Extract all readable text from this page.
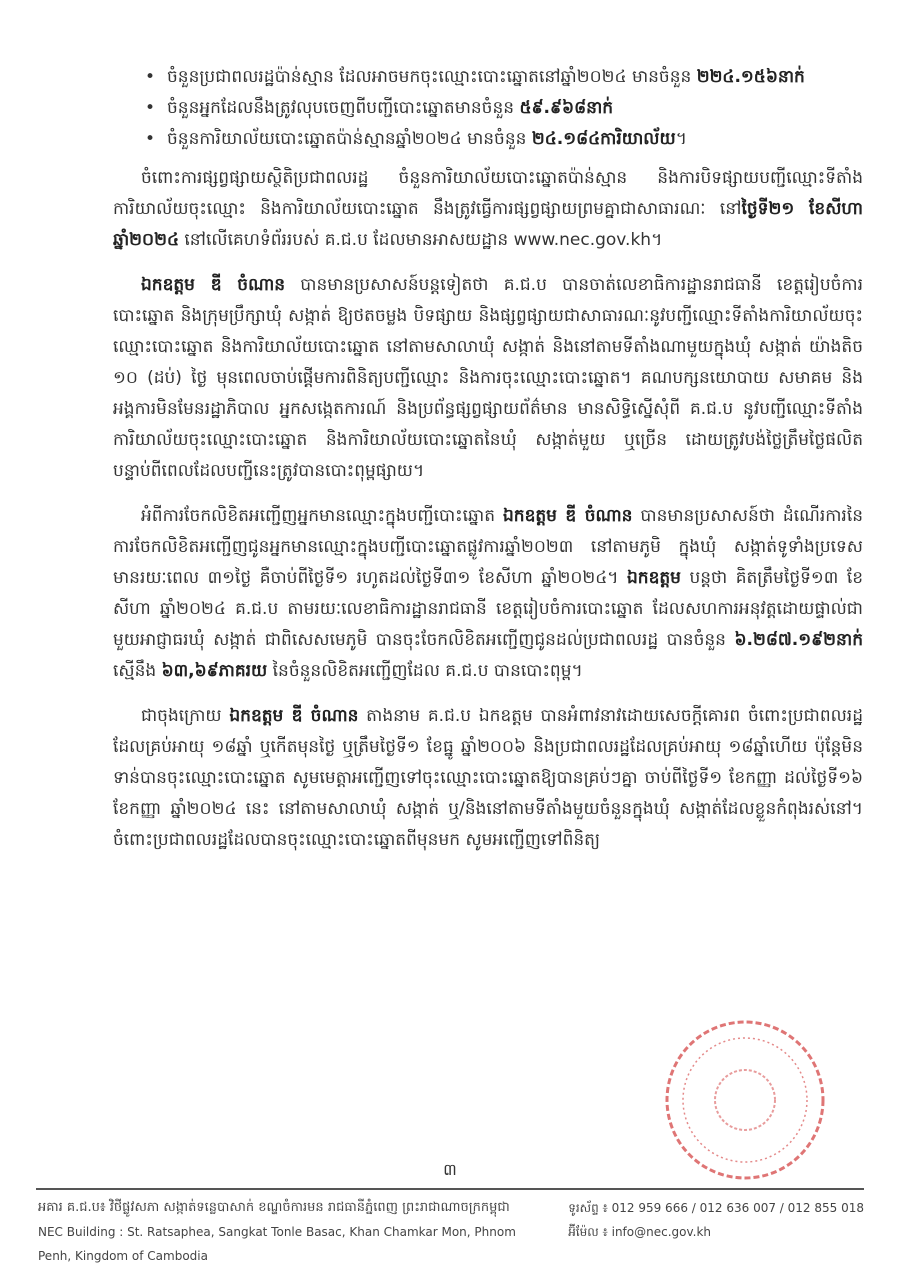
• ចំនួនប្រជាពលរដ្ឋប៉ាន់ស្មាន ដែលអាចមកចុះឈ្មោះបោះឆ្នោតនៅឆ្នាំ២០២៤ មានចំនួន ២២៤.១៥៦នាក់
• ចំនួនអ្នកដែលនឹងត្រូវលុបចេញពីបញ្ជីបោះឆ្នោតមានចំនួន ៥៩.៩៦៨នាក់
• ចំនួនការិយាល័យបោះឆ្នោតប៉ាន់ស្មានឆ្នាំ២០២៤ មានចំនួន ២៤.១៨៤ការិយាល័យ។

ចំពោះការផ្សព្វផ្សាយស្ថិតិប្រជាពលរដ្ឋ ចំនួនការិយាល័យបោះឆ្នោតប៉ាន់ស្មាន និងការបិទផ្សាយបញ្ជីឈ្មោះទីតាំងការិយាល័យចុះឈ្មោះ និងការិយាល័យបោះឆ្នោត នឹងត្រូវធ្វើការផ្សព្វផ្សាយព្រមគ្នាជាសាធារណៈ នៅថ្ងៃទី២១ ខែសីហា ឆ្នាំ២០២៤ នៅលើគេហទំព័ររបស់ គ.ជ.ប ដែលមានអាសយដ្ឋាន www.nec.gov.kh។

ឯកឧត្តម ឌី ចំណាន បានមានប្រសាសន៍បន្តទៀតថា គ.ជ.ប បានចាត់លេខាធិការដ្ឋានរាជធានី ខេត្តរៀបចំការបោះឆ្នោត និងក្រុមប្រឹក្សាឃុំ សង្កាត់ ឱ្យថតចម្លង បិទផ្សាយ និងផ្សព្វផ្សាយជាសាធារណៈនូវបញ្ជីឈ្មោះទីតាំងការិយាល័យចុះឈ្មោះបោះឆ្នោត និងការិយាល័យបោះឆ្នោត នៅតាមសាលាឃុំ សង្កាត់ និងនៅតាមទីតាំងណាមួយក្នុងឃុំ សង្កាត់ យ៉ាងតិច ១០ (ដប់) ថ្ងៃ មុនពេលចាប់ផ្តើមការពិនិត្យបញ្ជីឈ្មោះ និងការចុះឈ្មោះបោះឆ្នោត។ គណបក្សនយោបាយ សមាគម និងអង្គការមិនមែនរដ្ឋាភិបាល អ្នកសង្កេតការណ៍ និងប្រព័ន្ធផ្សព្វផ្សាយព័ត៌មាន មានសិទ្ធិស្នើសុំពី គ.ជ.ប នូវបញ្ជីឈ្មោះទីតាំងការិយាល័យចុះឈ្មោះបោះឆ្នោត និងការិយាល័យបោះឆ្នោតនៃឃុំ សង្កាត់មួយ ឬច្រើន ដោយត្រូវបង់ថ្លៃត្រឹមថ្លៃផលិត បន្ទាប់ពីពេលដែលបញ្ជីនេះត្រូវបានបោះពុម្ពផ្សាយ។

អំពីការចែកលិខិតអញ្ជើញអ្នកមានឈ្មោះក្នុងបញ្ជីបោះឆ្នោត ឯកឧត្តម ឌី ចំណាន បានមានប្រសាសន៍ថា ដំណើរការនៃការចែកលិខិតអញ្ជើញជូនអ្នកមានឈ្មោះក្នុងបញ្ជីបោះឆ្នោតផ្លូវការឆ្នាំ២០២៣ នៅតាមភូមិ ក្នុងឃុំ សង្កាត់ទូទាំងប្រទេស មានរយៈពេល ៣១ថ្ងៃ គឺចាប់ពីថ្ងៃទី១ រហូតដល់ថ្ងៃទី៣១ ខែសីហា ឆ្នាំ២០២៤។ ឯកឧត្តម បន្តថា គិតត្រឹមថ្ងៃទី១៣ ខែសីហា ឆ្នាំ២០២៤ គ.ជ.ប តាមរយៈលេខាធិការដ្ឋានរាជធានី ខេត្តរៀបចំការបោះឆ្នោត ដែលសហការអនុវត្តដោយផ្ទាល់ជាមួយអាជ្ញាធរឃុំ សង្កាត់ ជាពិសេសមេភូមិ បានចុះចែកលិខិតអញ្ជើញជូនដល់ប្រជាពលរដ្ឋ បានចំនួន ៦.២៨៧.១៩២នាក់ ស្មើនឹង ៦៣,៦៩ភាគរយ នៃចំនួនលិខិតអញ្ជើញដែល គ.ជ.ប បានបោះពុម្ព។

ជាចុងក្រោយ ឯកឧត្តម ឌី ចំណាន តាងនាម គ.ជ.ប ឯកឧត្តម បានអំពាវនាវដោយសេចក្តីគោរព ចំពោះប្រជាពលរដ្ឋដែលគ្រប់អាយុ ១៨ឆ្នាំ ឬកើតមុនថ្ងៃ ឬត្រឹមថ្ងៃទី១ ខែធ្នូ ឆ្នាំ២០០៦ និងប្រជាពលរដ្ឋដែលគ្រប់អាយុ ១៨ឆ្នាំហើយ ប៉ុន្តែមិនទាន់បានចុះឈ្មោះបោះឆ្នោត សូមមេត្តាអញ្ជើញទៅចុះឈ្មោះបោះឆ្នោតឱ្យបានគ្រប់ៗគ្នា ចាប់ពីថ្ងៃទី១ ខែកញ្ញា ដល់ថ្ងៃទី១៦ ខែកញ្ញា ឆ្នាំ២០២៤ នេះ នៅតាមសាលាឃុំ សង្កាត់ ឬ/និងនៅតាមទីតាំងមួយចំនួនក្នុងឃុំ សង្កាត់ដែលខ្លួនកំពុងរស់នៅ។ ចំពោះប្រជាពលរដ្ឋដែលបានចុះឈ្មោះបោះឆ្នោតពីមុនមក សូមអញ្ជើញទៅពិនិត្យ

៣
អគារ គ.ជ.ប៖ វិថីផ្លូវសភា សង្កាត់ទន្លេបាសាក់ ខណ្ឌចំការមន រាជធានីភ្នំពេញ ព្រះរាជាណាចក្រកម្ពុជា
NEC Building : St. Ratsaphea, Sangkat Tonle Basac, Khan Chamkar Mon, Phnom Penh, Kingdom of Cambodia
ទូរស័ព្ទ ៖ 012 959 666 / 012 636 007 / 012 855 018
អ៊ីម៉ែល ៖ info@nec.gov.kh
